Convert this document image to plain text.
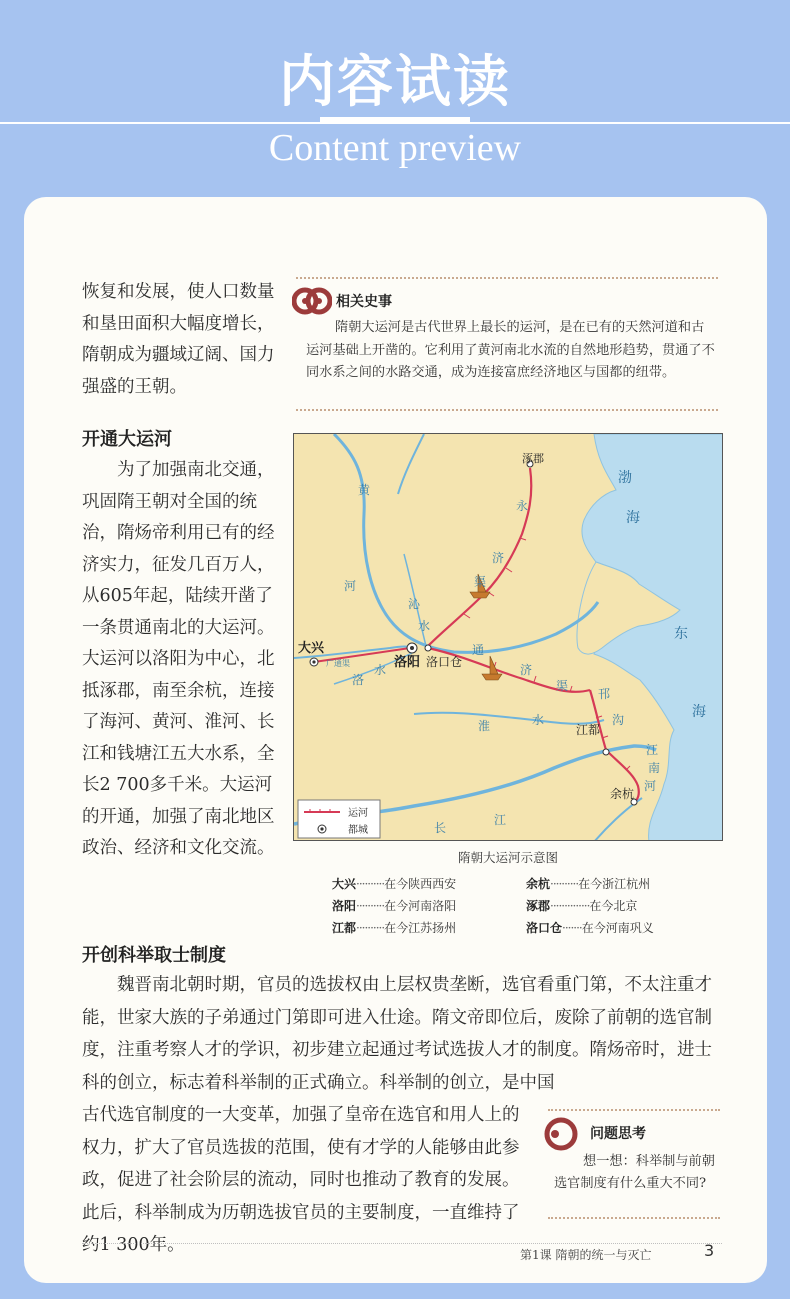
内容试读
Content preview

恢复和发展，使人口数量和垦田面积大幅度增长，隋朝成为疆域辽阔、国力强盛的王朝。

相关史事

隋朝大运河是古代世界上最长的运河，是在已有的天然河道和古运河基础上开凿的。它利用了黄河南北水流的自然地形趋势，贯通了不同水系之间的水路交通，成为连接富庶经济地区与国都的纽带。

开通大运河

为了加强南北交通，巩固隋王朝对全国的统治，隋炀帝利用已有的经济实力，征发几百万人，从605年起，陆续开凿了一条贯通南北的大运河。大运河以洛阳为中心，北抵涿郡，南至余杭，连接了海河、黄河、淮河、长江和钱塘江五大水系，全长2 700多千米。大运河的开通，加强了南北地区政治、经济和文化交流。

大兴
洛阳 洛口仓
涿郡
江都
余杭
渤
海
东
海
黄
河
永
济
渠
沁
水
通
济
渠
洛
水
淮	水
邗
沟
江
南
河
长
江
广通渠
运河
都城
隋朝大运河示意图
大兴··········在今陕西西安	余杭··········在今浙江杭州
洛阳··········在今河南洛阳	涿郡··············在今北京
江都··········在今江苏扬州	洛口仓·······在今河南巩义
开创科举取士制度

魏晋南北朝时期，官员的选拔权由上层权贵垄断，选官看重门第，不太注重才能，世家大族的子弟通过门第即可进入仕途。隋文帝即位后，废除了前朝的选官制度，注重考察人才的学识，初步建立起通过考试选拔人才的制度。隋炀帝时，进士科的创立，标志着科举制的正式确立。科举制的创立，是中国

古代选官制度的一大变革，加强了皇帝在选官和用人上的权力，扩大了官员选拔的范围，使有才学的人能够由此参政，促进了社会阶层的流动，同时也推动了教育的发展。此后，科举制成为历朝选拔官员的主要制度，一直维持了约1 300年。

问题思考

想一想：科举制与前朝选官制度有什么重大不同?

第1课 隋朝的统一与灭亡	3
